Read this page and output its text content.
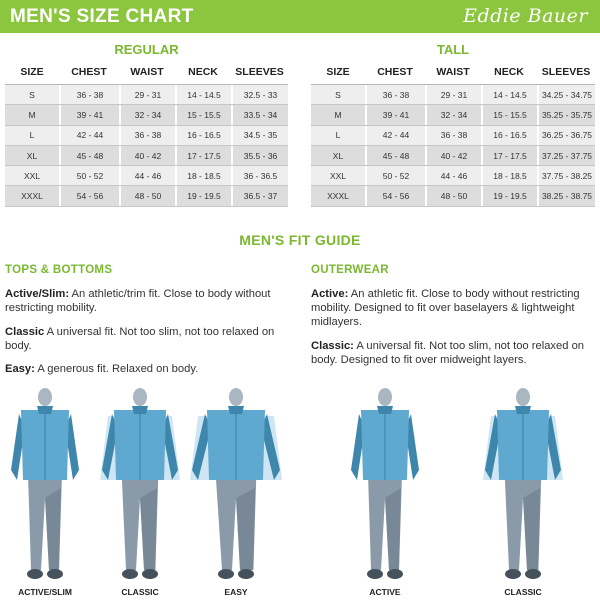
MEN'S SIZE CHART	Eddie Bauer
REGULAR
SIZE	CHEST	WAIST	NECK	SLEEVES
S	36 - 38	29 - 31	14 - 14.5	32.5 - 33
M	39 - 41	32 - 34	15 - 15.5	33.5 - 34
L	42 - 44	36 - 38	16 - 16.5	34.5 - 35
XL	45 - 48	40 - 42	17 - 17.5	35.5 - 36
XXL	50 - 52	44 - 46	18 - 18.5	36 - 36.5
XXXL	54 - 56	48 - 50	19 - 19.5	36.5 - 37
TALL
SIZE	CHEST	WAIST	NECK	SLEEVES
S	36 - 38	29 - 31	14 - 14.5	34.25 - 34.75
M	39 - 41	32 - 34	15 - 15.5	35.25 - 35.75
L	42 - 44	36 - 38	16 - 16.5	36.25 - 36.75
XL	45 - 48	40 - 42	17 - 17.5	37.25 - 37.75
XXL	50 - 52	44 - 46	18 - 18.5	37.75 - 38.25
XXXL	54 - 56	48 - 50	19 - 19.5	38.25 - 38.75
MEN'S FIT GUIDE
TOPS & BOTTOMS	OUTERWEAR
Active/Slim: An athletic/trim fit. Close to body without restricting mobility.
Classic A universal fit. Not too slim, not too relaxed on body.
Easy: A generous fit. Relaxed on body.
Active: An athletic fit. Close to body without restricting mobility. Designed to fit over baselayers & lightweight midlayers.
Classic: A universal fit. Not too slim, not too relaxed on body. Designed to fit over midweight layers.
ACTIVE/SLIM	CLASSIC	EASY	ACTIVE	CLASSIC
